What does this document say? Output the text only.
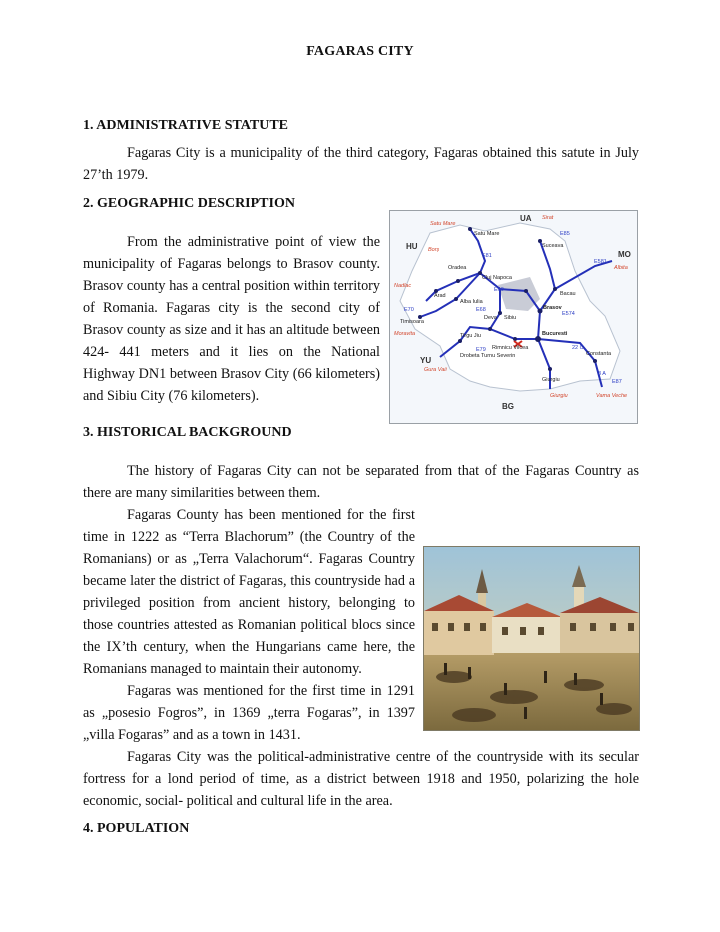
FAGARAS CITY
1. ADMINISTRATIVE STATUTE

Fagaras City is a municipality of the third category, Fagaras obtained this satute in July 27’th 1979.

2. GEOGRAPHIC DESCRIPTION

From the administrative point of view the municipality of Fagaras belongs to Brasov county. Brasov county has a central position within territory of Romania. Fagaras city is the second city of Brasov county as size and it has an altitude between 424- 441 meters and it lies on the National Highway DN1 between Brasov City (66 kilometers) and Sibiu City (76 kilometers).

UA
HU
MO
YU
BG
Satu Mare
Suceava
Oradea
Cluj Napoca
Bacau
Arad
Alba Iulia
Timisoara
Deva Sibiu
Brasov
Tirgu Jiu
Rimnicu Vilcea
Bucuresti
Constanta
Drobeta Turnu Severin
Giurgiu
Sirat
Satu Mare
Borș
Albita
Nadlac
Moravita
Gura Vaii
Giurgiu	Vama Veche
E85
E81
E581
E60
E68
E70
E574
E79	22 C
3 A
E87
3. HISTORICAL BACKGROUND

The history of Fagaras City can not be separated from that of the Fagaras Country as there are many similarities between them.

Fagaras County has been mentioned for the first time in 1222 as “Terra Blachorum” (the Country of the Romanians) or as „Terra Valachorum“. Fagaras Country became later the district of Fagaras, this countryside had a privileged position from ancient history, belonging to those countries attested as Romanian political blocs since the IX’th century, when the Hungarians came here, the Romanians managed to maintain their autonomy.

Fagaras was mentioned for the first time in 1291 as „posesio Fogros”, in 1369 „terra Fogaras”, in 1397 „villa Fogaras” and as a town in 1431.

Fagaras City was the political-administrative centre of the countryside with its secular fortress for a lond period of time, as a district between 1918 and 1950, polarizing the hole economic, social- political and cultural life in the area.

4. POPULATION
